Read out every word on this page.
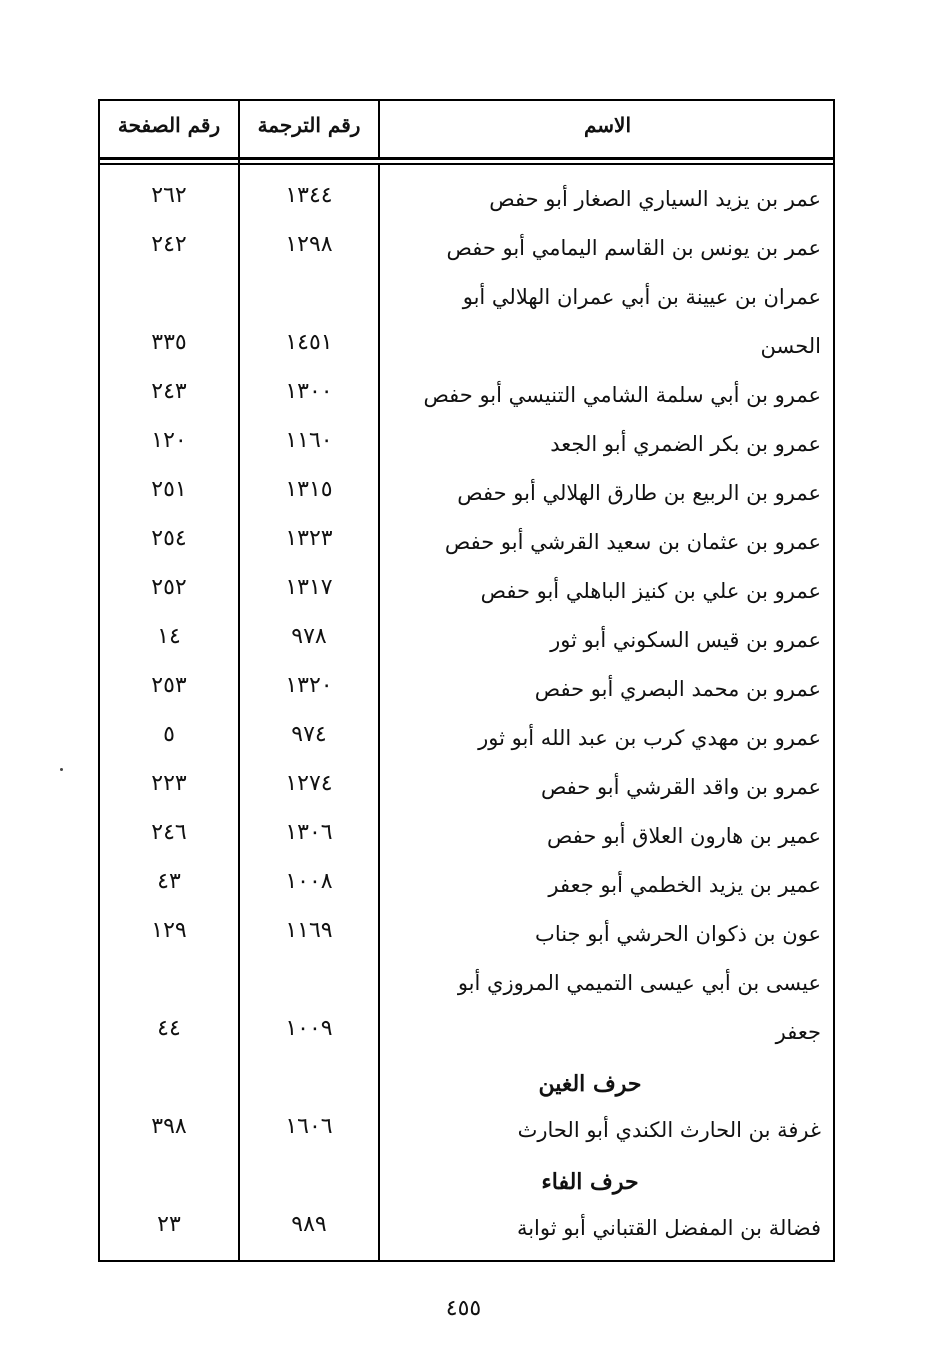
الاسم
رقم الترجمة
رقم الصفحة
عمر بن يزيد السياري الصغار أبو حفص
١٣٤٤
٢٦٢
عمر بن يونس بن القاسم اليمامي أبو حفص
١٢٩٨
٢٤٢
عمران بن عيينة بن أبي عمران الهلالي أبو
الحسن
١٤٥١
٣٣٥
عمرو بن أبي سلمة الشامي التنيسي أبو حفص
١٣٠٠
٢٤٣
عمرو بن بكر الضمري أبو الجعد
١١٦٠
١٢٠
عمرو بن الربيع بن طارق الهلالي أبو حفص
١٣١٥
٢٥١
عمرو بن عثمان بن سعيد القرشي أبو حفص
١٣٢٣
٢٥٤
عمرو بن علي بن كنيز الباهلي أبو حفص
١٣١٧
٢٥٢
عمرو بن قيس السكوني أبو ثور
٩٧٨
١٤
عمرو بن محمد البصري أبو حفص
١٣٢٠
٢٥٣
عمرو بن مهدي كرب بن عبد الله أبو ثور
٩٧٤
٥
عمرو بن واقد القرشي أبو حفص
١٢٧٤
٢٢٣
عمير بن هارون العلاق أبو حفص
١٣٠٦
٢٤٦
عمير بن يزيد الخطمي أبو جعفر
١٠٠٨
٤٣
عون بن ذكوان الحرشي أبو جناب
١١٦٩
١٢٩
عيسى بن أبي عيسى التميمي المروزي أبو
جعفر
١٠٠٩
٤٤
حرف الغين
غرفة بن الحارث الكندي أبو الحارث
١٦٠٦
٣٩٨
حرف الفاء
فضالة بن المفضل القتباني أبو ثوابة
٩٨٩
٢٣
٤٥٥
